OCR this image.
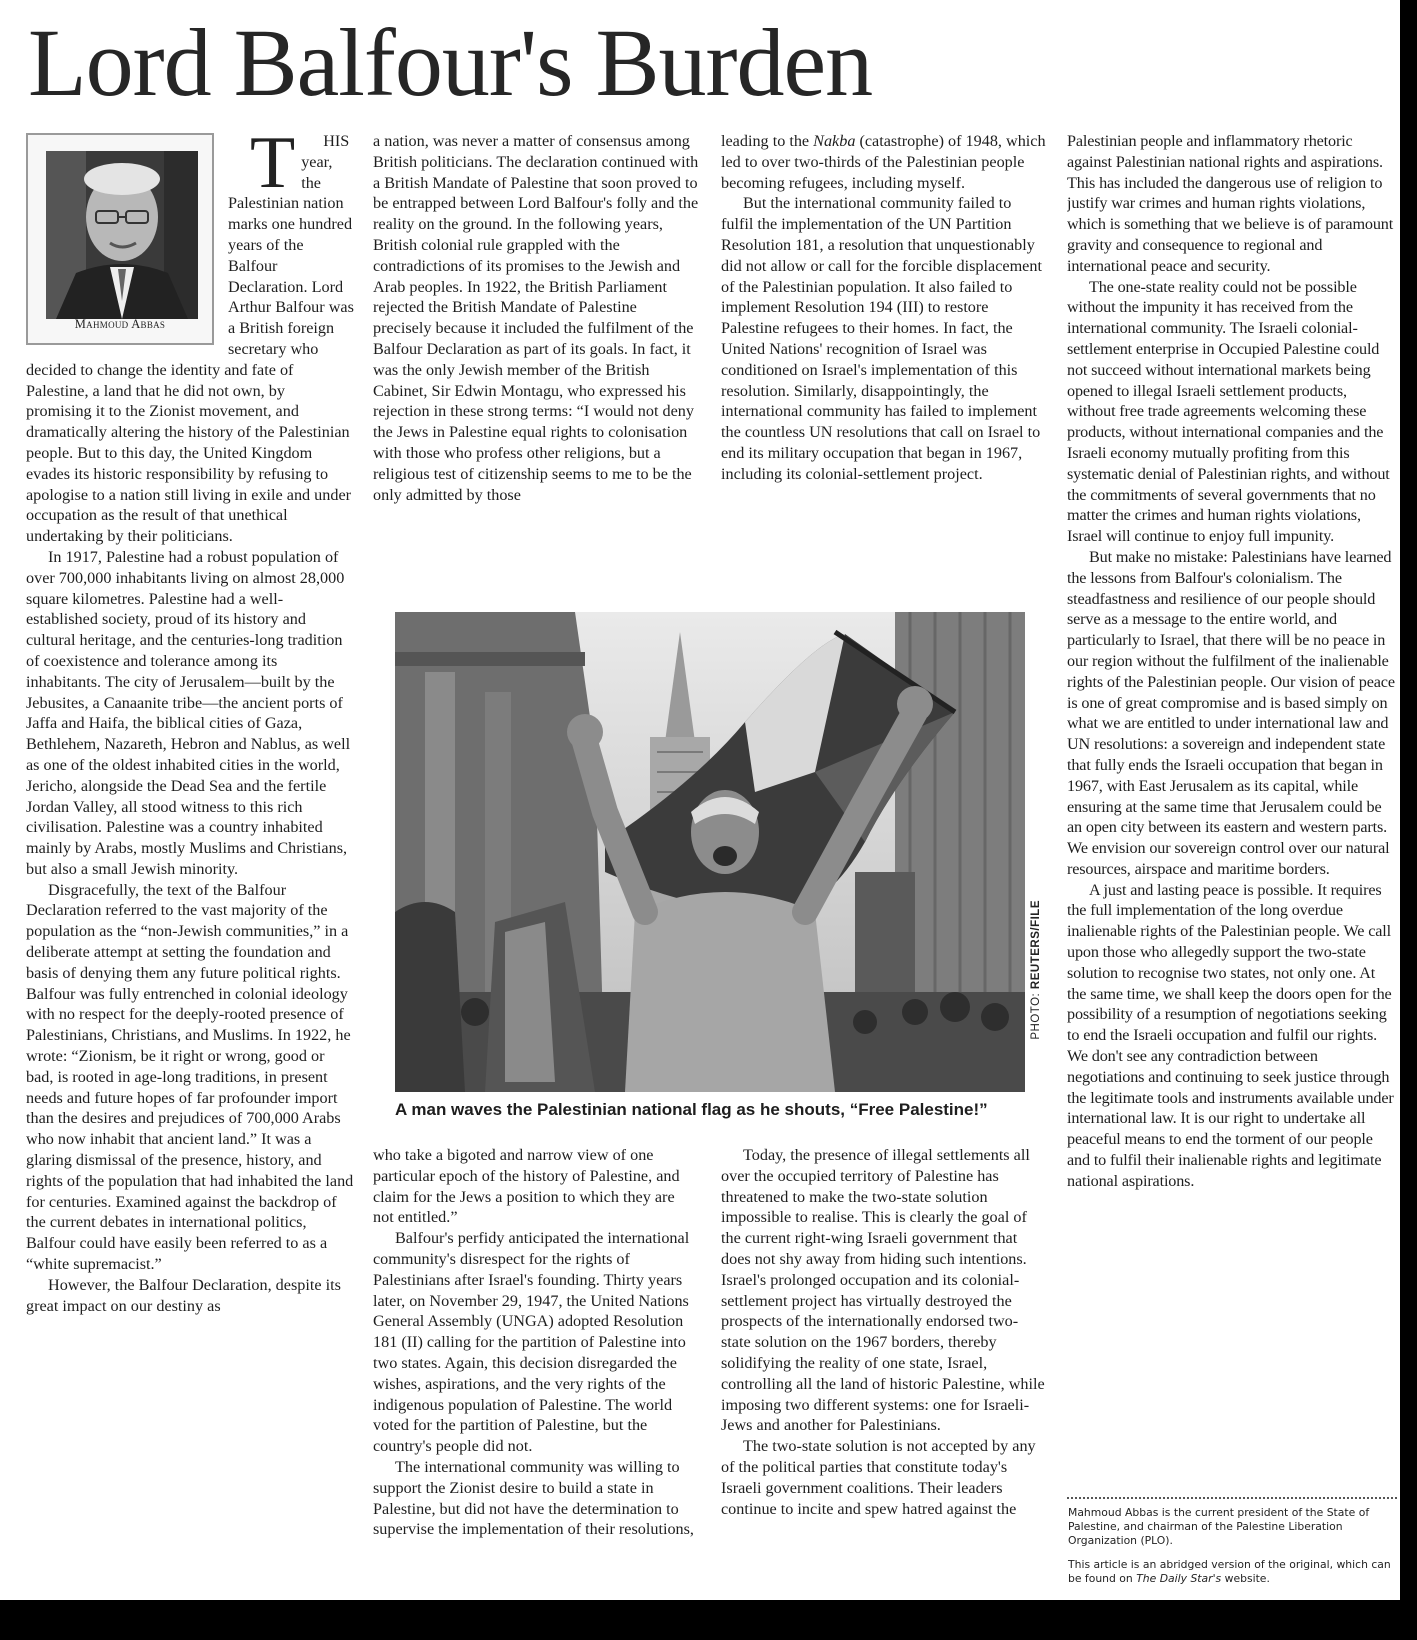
Lord Balfour's Burden
Mahmoud Abbas

T HIS year, the Palestinian nation marks one hundred years of the Balfour Declaration. Lord Arthur Balfour was a British foreign secretary who decided to change the identity and fate of Palestine, a land that he did not own, by promising it to the Zionist movement, and dramatically altering the history of the Palestinian people. But to this day, the United Kingdom evades its historic responsibility by refusing to apologise to a nation still living in exile and under occupation as the result of that unethical undertaking by their politicians.

In 1917, Palestine had a robust population of over 700,000 inhabitants living on almost 28,000 square kilometres. Palestine had a well-established society, proud of its history and cultural heritage, and the centuries-long tradition of coexistence and tolerance among its inhabitants. The city of Jerusalem—built by the Jebusites, a Canaanite tribe—the ancient ports of Jaffa and Haifa, the biblical cities of Gaza, Bethlehem, Nazareth, Hebron and Nablus, as well as one of the oldest inhabited cities in the world, Jericho, alongside the Dead Sea and the fertile Jordan Valley, all stood witness to this rich civilisation. Palestine was a country inhabited mainly by Arabs, mostly Muslims and Christians, but also a small Jewish minority.

Disgracefully, the text of the Balfour Declaration referred to the vast majority of the population as the “non-Jewish communities,” in a deliberate attempt at setting the foundation and basis of denying them any future political rights. Balfour was fully entrenched in colonial ideology with no respect for the deeply-rooted presence of Palestinians, Christians, and Muslims. In 1922, he wrote: “Zionism, be it right or wrong, good or bad, is rooted in age-long traditions, in present needs and future hopes of far profounder import than the desires and prejudices of 700,000 Arabs who now inhabit that ancient land.” It was a glaring dismissal of the presence, history, and rights of the population that had inhabited the land for centuries. Examined against the backdrop of the current debates in international politics, Balfour could have easily been referred to as a “white supremacist.”

However, the Balfour Declaration, despite its great impact on our destiny as

a nation, was never a matter of consensus among British politicians. The declaration continued with a British Mandate of Palestine that soon proved to be entrapped between Lord Balfour's folly and the reality on the ground. In the following years, British colonial rule grappled with the contradictions of its promises to the Jewish and Arab peoples. In 1922, the British Parliament rejected the British Mandate of Palestine precisely because it included the fulfilment of the Balfour Declaration as part of its goals. In fact, it was the only Jewish member of the British Cabinet, Sir Edwin Montagu, who expressed his rejection in these strong terms: “I would not deny the Jews in Palestine equal rights to colonisation with those who profess other religions, but a religious test of citizenship seems to me to be the only admitted by those

leading to the Nakba (catastrophe) of 1948, which led to over two-thirds of the Palestinian people becoming refugees, including myself.

But the international community failed to fulfil the implementation of the UN Partition Resolution 181, a resolution that unquestionably did not allow or call for the forcible displacement of the Palestinian population. It also failed to implement Resolution 194 (III) to restore Palestine refugees to their homes. In fact, the United Nations' recognition of Israel was conditioned on Israel's implementation of this resolution. Similarly, disappointingly, the international community has failed to implement the countless UN resolutions that call on Israel to end its military occupation that began in 1967, including its colonial-settlement project.

PHOTO: REUTERS/FILE
A man waves the Palestinian national flag as he shouts, “Free Palestine!”

who take a bigoted and narrow view of one particular epoch of the history of Palestine, and claim for the Jews a position to which they are not entitled.”

Balfour's perfidy anticipated the international community's disrespect for the rights of Palestinians after Israel's founding. Thirty years later, on November 29, 1947, the United Nations General Assembly (UNGA) adopted Resolution 181 (II) calling for the partition of Palestine into two states. Again, this decision disregarded the wishes, aspirations, and the very rights of the indigenous population of Palestine. The world voted for the partition of Palestine, but the country's people did not.

The international community was willing to support the Zionist desire to build a state in Palestine, but did not have the determination to supervise the implementation of their resolutions,

Today, the presence of illegal settlements all over the occupied territory of Palestine has threatened to make the two-state solution impossible to realise. This is clearly the goal of the current right-wing Israeli government that does not shy away from hiding such intentions. Israel's prolonged occupation and its colonial-settlement project has virtually destroyed the prospects of the internationally endorsed two-state solution on the 1967 borders, thereby solidifying the reality of one state, Israel, controlling all the land of historic Palestine, while imposing two different systems: one for Israeli-Jews and another for Palestinians.

The two-state solution is not accepted by any of the political parties that constitute today's Israeli government coalitions. Their leaders continue to incite and spew hatred against the

Palestinian people and inflammatory rhetoric against Palestinian national rights and aspirations. This has included the dangerous use of religion to justify war crimes and human rights violations, which is something that we believe is of paramount gravity and consequence to regional and international peace and security.

The one-state reality could not be possible without the impunity it has received from the international community. The Israeli colonial-settlement enterprise in Occupied Palestine could not succeed without international markets being opened to illegal Israeli settlement products, without free trade agreements welcoming these products, without international companies and the Israeli economy mutually profiting from this systematic denial of Palestinian rights, and without the commitments of several governments that no matter the crimes and human rights violations, Israel will continue to enjoy full impunity.

But make no mistake: Palestinians have learned the lessons from Balfour's colonialism. The steadfastness and resilience of our people should serve as a message to the entire world, and particularly to Israel, that there will be no peace in our region without the fulfilment of the inalienable rights of the Palestinian people. Our vision of peace is one of great compromise and is based simply on what we are entitled to under international law and UN resolutions: a sovereign and independent state that fully ends the Israeli occupation that began in 1967, with East Jerusalem as its capital, while ensuring at the same time that Jerusalem could be an open city between its eastern and western parts. We envision our sovereign control over our natural resources, airspace and maritime borders.

A just and lasting peace is possible. It requires the full implementation of the long overdue inalienable rights of the Palestinian people. We call upon those who allegedly support the two-state solution to recognise two states, not only one. At the same time, we shall keep the doors open for the possibility of a resumption of negotiations seeking to end the Israeli occupation and fulfil our rights. We don't see any contradiction between negotiations and continuing to seek justice through the legitimate tools and instruments available under international law. It is our right to undertake all peaceful means to end the torment of our people and to fulfil their inalienable rights and legitimate national aspirations.

Mahmoud Abbas is the current president of the State of Palestine, and chairman of the Palestine Liberation Organization (PLO).

This article is an abridged version of the original, which can be found on The Daily Star's website.
